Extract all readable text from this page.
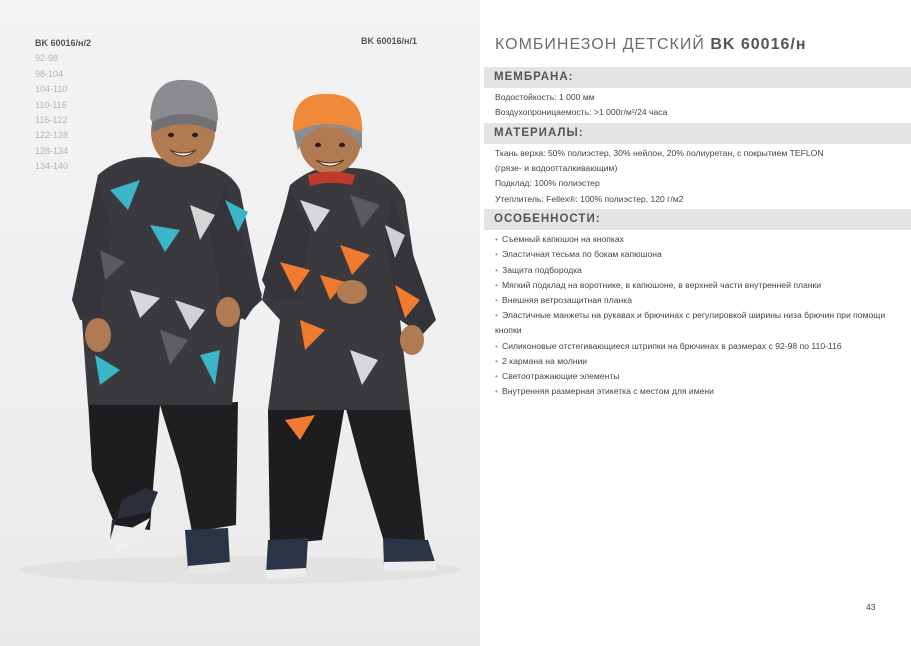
BK 60016/н/2
92-98
98-104
104-110
110-116
116-122
122-128
128-134
134-140
BK 60016/н/1	КОМБИНЕЗОН ДЕТСКИЙ BK 60016/н
МЕМБРАНА:
Водостойкость: 1 000 мм
Воздухопроницаемость: >1 000г/м²/24 часа
МАТЕРИАЛЫ:
Ткань верха: 50% полиэстер, 30% нейлон, 20% полиуретан, с покрытием TEFLON
(грязе- и водоотталкивающим)
Подклад: 100% полиэстер
Утеплитель: Fellex®: 100% полиэстер, 120 г/м2
ОСОБЕННОСТИ:
• Съемный капюшон на кнопках
• Эластичная тесьма по бокам капюшона
• Защита подбородка
• Мягкий подклад на воротнике, в капюшоне, в верхней части внутренней планки
• Внешняя ветрозащитная планка
• Эластичные манжеты на рукавах и брючинах с регулировкой ширины низа брючин при помощи кнопки
• Силиконовые отстегивающиеся штрипки на брючинах в размерах с 92-98 по 110-116
• 2 кармана на молнии
• Светоотражающие элементы
• Внутренняя размерная этикетка с местом для имени
43
